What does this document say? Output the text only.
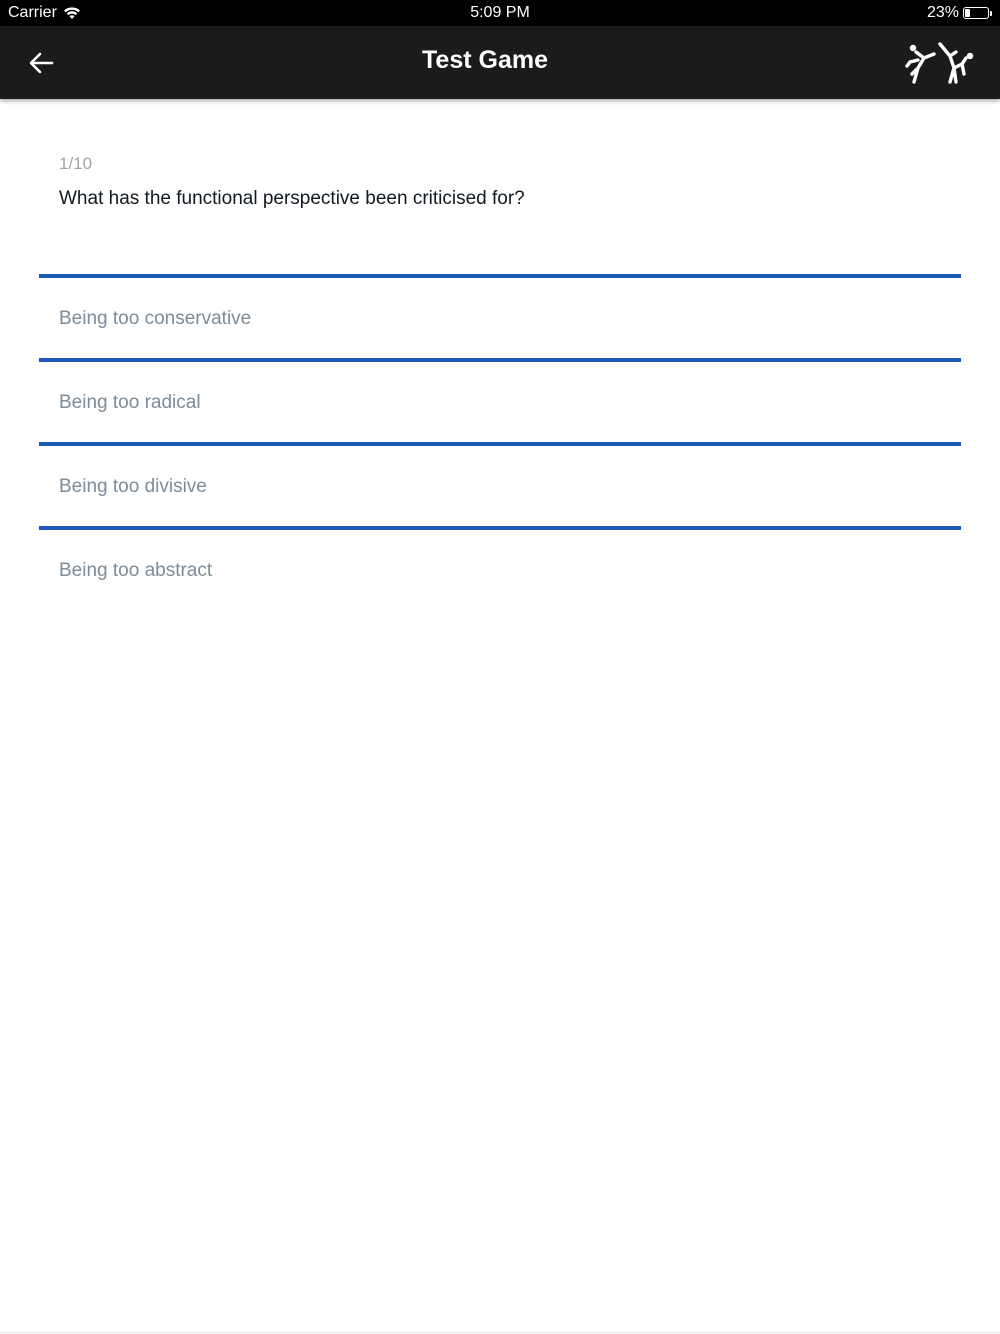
Carrier	5:09 PM	23%
Test Game
1/10
What has the functional perspective been criticised for?
Being too conservative
Being too radical
Being too divisive
Being too abstract
